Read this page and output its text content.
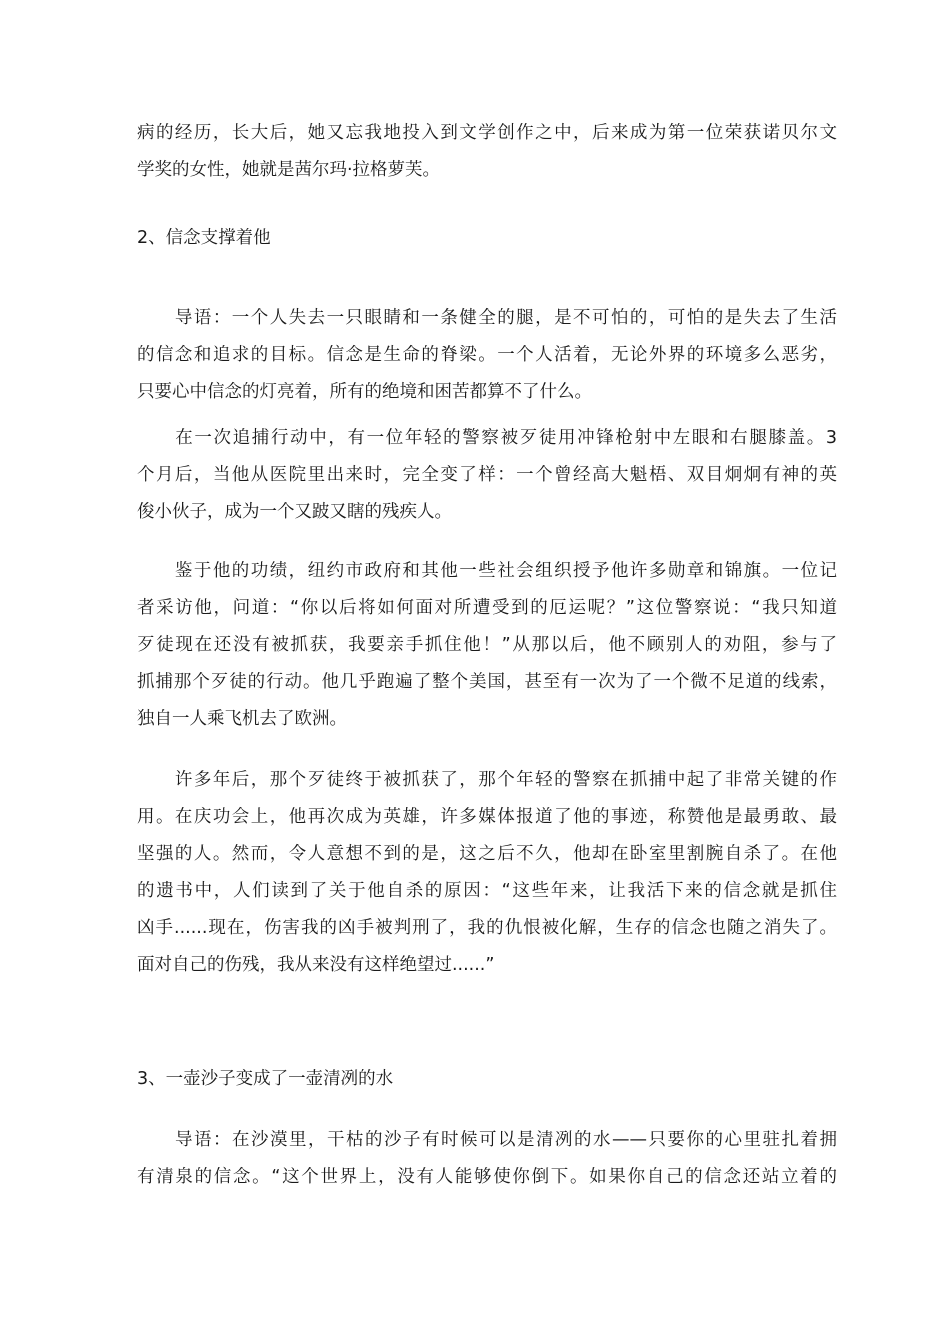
病的经历，长大后，她又忘我地投入到文学创作之中，后来成为第一位荣获诺贝尔文
学奖的女性，她就是茜尔玛·拉格萝芙。
2、信念支撑着他
　　导语：一个人失去一只眼睛和一条健全的腿，是不可怕的，可怕的是失去了生活
的信念和追求的目标。信念是生命的脊梁。一个人活着，无论外界的环境多么恶劣，
只要心中信念的灯亮着，所有的绝境和困苦都算不了什么。
　　在一次追捕行动中，有一位年轻的警察被歹徒用冲锋枪射中左眼和右腿膝盖。3
个月后，当他从医院里出来时，完全变了样：一个曾经高大魁梧、双目炯炯有神的英
俊小伙子，成为一个又跛又瞎的残疾人。
　　鉴于他的功绩，纽约市政府和其他一些社会组织授予他许多勋章和锦旗。一位记
者采访他，问道：“你以后将如何面对所遭受到的厄运呢？”这位警察说：“我只知道
歹徒现在还没有被抓获，我要亲手抓住他！”从那以后，他不顾别人的劝阻，参与了
抓捕那个歹徒的行动。他几乎跑遍了整个美国，甚至有一次为了一个微不足道的线索，
独自一人乘飞机去了欧洲。
　　许多年后，那个歹徒终于被抓获了，那个年轻的警察在抓捕中起了非常关键的作
用。在庆功会上，他再次成为英雄，许多媒体报道了他的事迹，称赞他是最勇敢、最
坚强的人。然而，令人意想不到的是，这之后不久，他却在卧室里割腕自杀了。在他
的遗书中，人们读到了关于他自杀的原因：“这些年来，让我活下来的信念就是抓住
凶手......现在，伤害我的凶手被判刑了，我的仇恨被化解，生存的信念也随之消失了。
面对自己的伤残，我从来没有这样绝望过......”
3、一壶沙子变成了一壶清冽的水
　　导语：在沙漠里，干枯的沙子有时候可以是清冽的水——只要你的心里驻扎着拥
有清泉的信念。“这个世界上，没有人能够使你倒下。如果你自己的信念还站立着的
